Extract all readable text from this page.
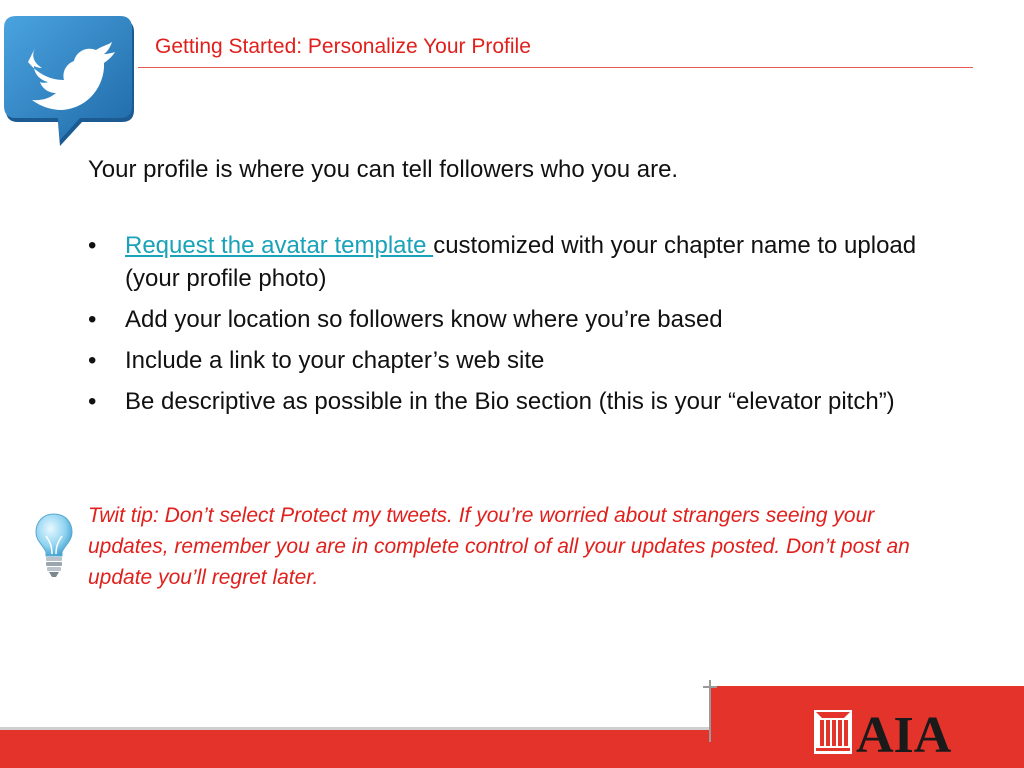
Getting Started: Personalize Your Profile
Your profile is where you can tell followers who you are.
• Request the avatar template customized with your chapter name to upload (your profile photo)
• Add your location so followers know where you’re based
• Include a link to your chapter’s web site
• Be descriptive as possible in the Bio section (this is your “elevator pitch”)
Twit tip: Don’t select Protect my tweets. If you’re worried about strangers seeing your updates, remember you are in complete control of all your updates posted. Don’t post an update you’ll regret later.
AIA
